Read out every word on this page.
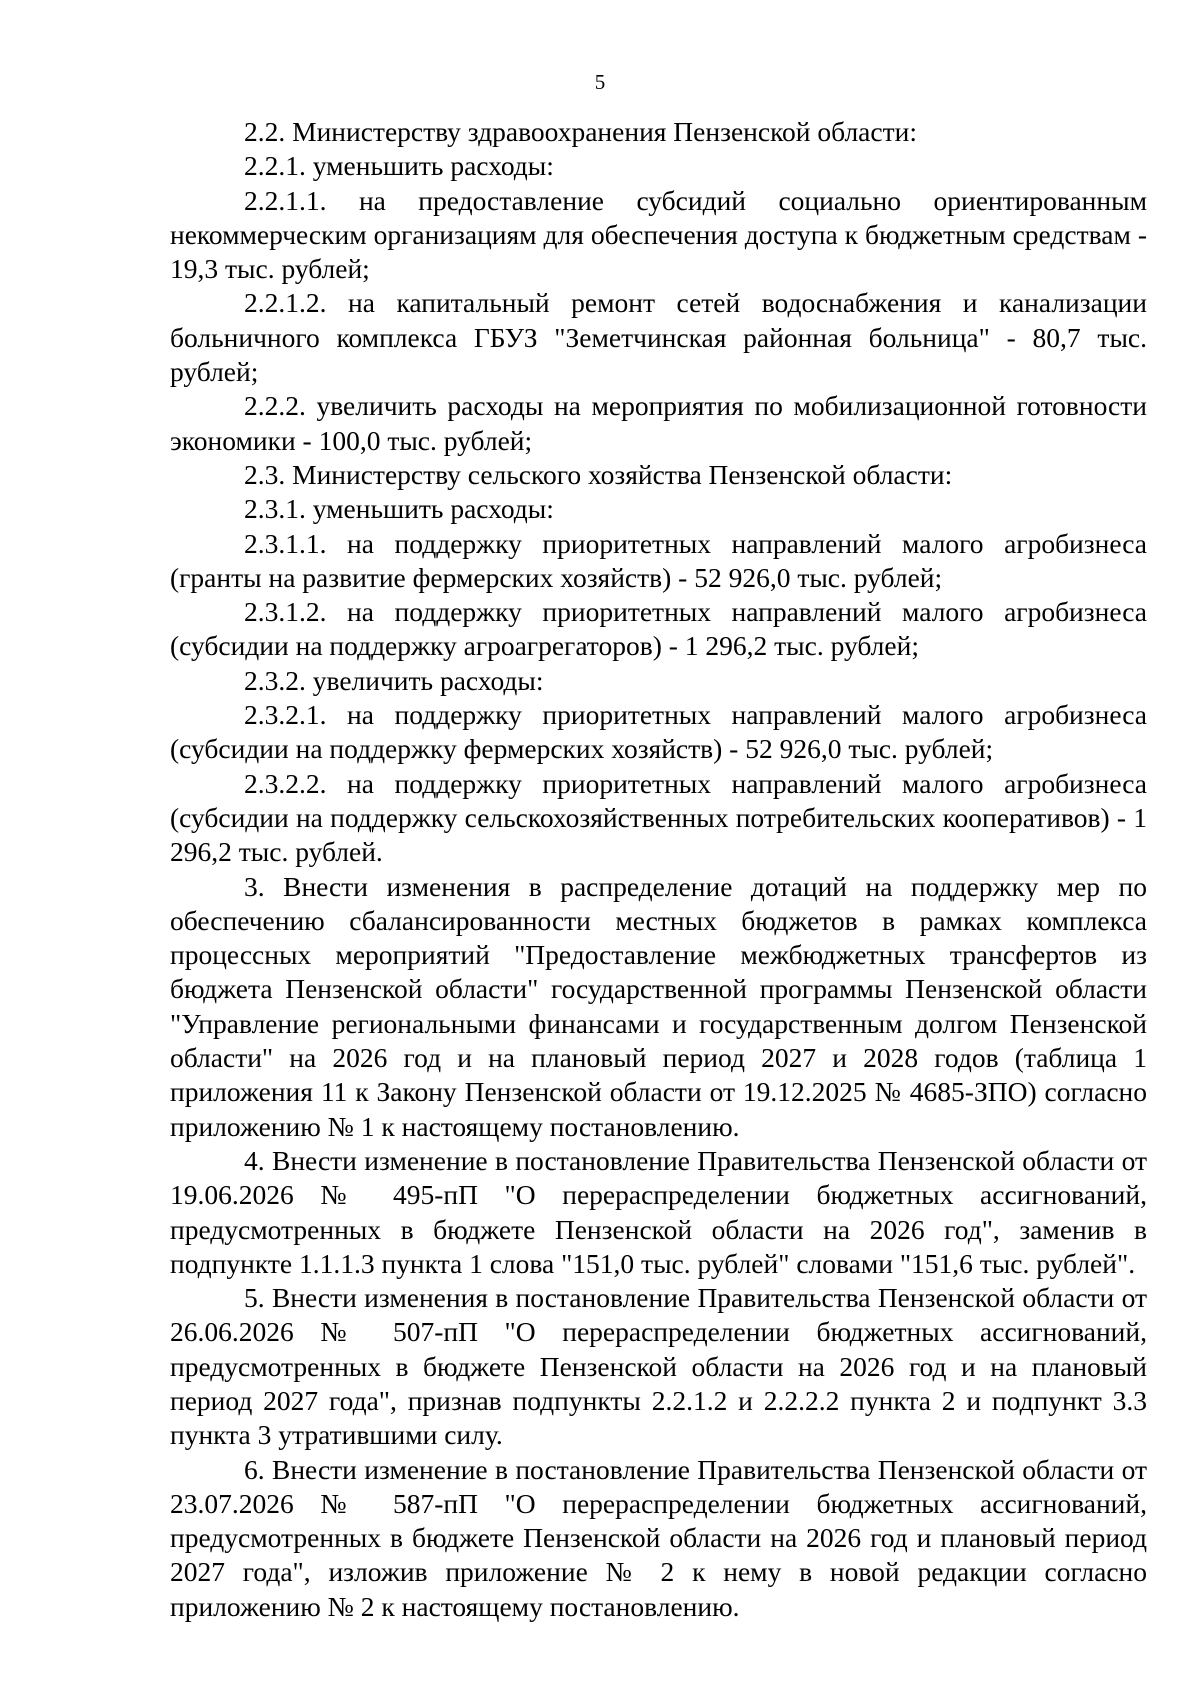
5

2.2. Министерству здравоохранения Пензенской области:

2.2.1. уменьшить расходы:

2.2.1.1. на предоставление субсидий социально ориентированным некоммерческим организациям для обеспечения доступа к бюджетным средствам - 19,3 тыс. рублей;

2.2.1.2. на капитальный ремонт сетей водоснабжения и канализации больничного комплекса ГБУЗ "Земетчинская районная больница" - 80,7 тыс. рублей;

2.2.2. увеличить расходы на мероприятия по мобилизационной готовности экономики - 100,0 тыс. рублей;

2.3. Министерству сельского хозяйства Пензенской области:

2.3.1. уменьшить расходы:

2.3.1.1. на поддержку приоритетных направлений малого агробизнеса (гранты на развитие фермерских хозяйств) - 52 926,0 тыс. рублей;

2.3.1.2. на поддержку приоритетных направлений малого агробизнеса (субсидии на поддержку агроагрегаторов) - 1 296,2 тыс. рублей;

2.3.2. увеличить расходы:

2.3.2.1. на поддержку приоритетных направлений малого агробизнеса (субсидии на поддержку фермерских хозяйств) - 52 926,0 тыс. рублей;

2.3.2.2. на поддержку приоритетных направлений малого агробизнеса (субсидии на поддержку сельскохозяйственных потребительских кооперативов) - 1 296,2 тыс. рублей.

3. Внести изменения в распределение дотаций на поддержку мер по обеспечению сбалансированности местных бюджетов в рамках комплекса процессных мероприятий "Предоставление межбюджетных трансфертов из бюджета Пензенской области" государственной программы Пензенской области "Управление региональными финансами и государственным долгом Пензенской области" на 2026 год и на плановый период 2027 и 2028 годов (таблица 1 приложения 11 к Закону Пензенской области от 19.12.2025 № 4685-ЗПО) согласно приложению № 1 к настоящему постановлению.

4. Внести изменение в постановление Правительства Пензенской области от 19.06.2026 № 495-пП "О перераспределении бюджетных ассигнований, предусмотренных в бюджете Пензенской области на 2026 год", заменив в подпункте 1.1.1.3 пункта 1 слова "151,0 тыс. рублей" словами "151,6 тыс. рублей".

5. Внести изменения в постановление Правительства Пензенской области от 26.06.2026 № 507-пП "О перераспределении бюджетных ассигнований, предусмотренных в бюджете Пензенской области на 2026 год и на плановый период 2027 года", признав подпункты 2.2.1.2 и 2.2.2.2 пункта 2 и подпункт 3.3 пункта 3 утратившими силу.

6. Внести изменение в постановление Правительства Пензенской области от 23.07.2026 № 587-пП "О перераспределении бюджетных ассигнований, предусмотренных в бюджете Пензенской области на 2026 год и плановый период 2027 года", изложив приложение № 2 к нему в новой редакции согласно приложению № 2 к настоящему постановлению.
